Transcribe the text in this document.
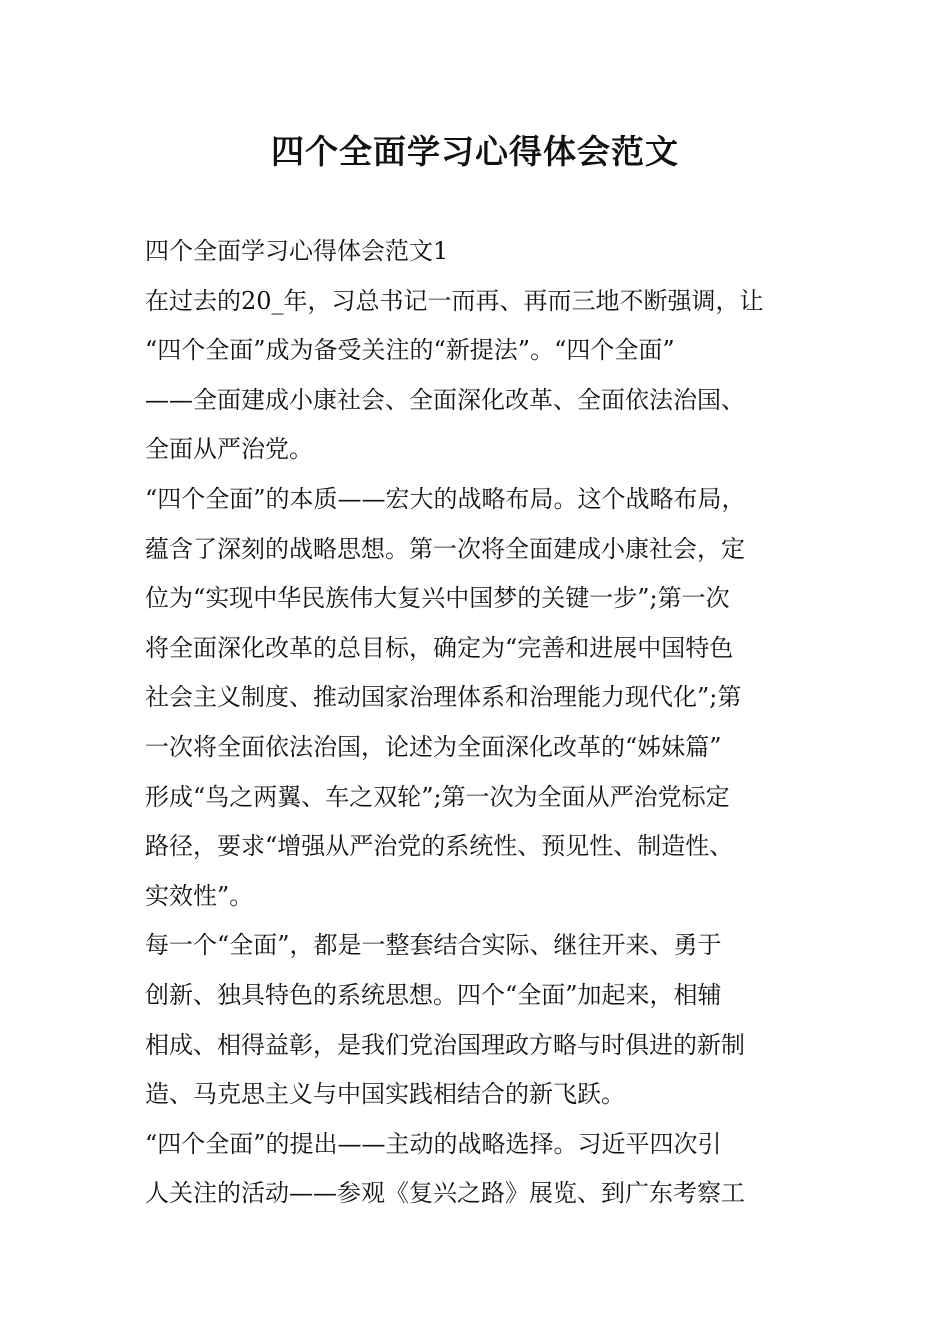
四个全面学习心得体会范文
四个全面学习心得体会范文1
在过去的20_年，习总书记一而再、再而三地不断强调，让
“四个全面”成为备受关注的“新提法”。“四个全面”
——全面建成小康社会、全面深化改革、全面依法治国、
全面从严治党。
“四个全面”的本质——宏大的战略布局。这个战略布局，
蕴含了深刻的战略思想。第一次将全面建成小康社会，定
位为“实现中华民族伟大复兴中国梦的关键一步”;第一次
将全面深化改革的总目标，确定为“完善和进展中国特色
社会主义制度、推动国家治理体系和治理能力现代化”;第
一次将全面依法治国，论述为全面深化改革的“姊妹篇”
形成“鸟之两翼、车之双轮”;第一次为全面从严治党标定
路径，要求“增强从严治党的系统性、预见性、制造性、
实效性”。
每一个“全面”，都是一整套结合实际、继往开来、勇于
创新、独具特色的系统思想。四个“全面”加起来，相辅
相成、相得益彰，是我们党治国理政方略与时俱进的新制
造、马克思主义与中国实践相结合的新飞跃。
“四个全面”的提出——主动的战略选择。习近平四次引
人关注的活动——参观《复兴之路》展览、到广东考察工
